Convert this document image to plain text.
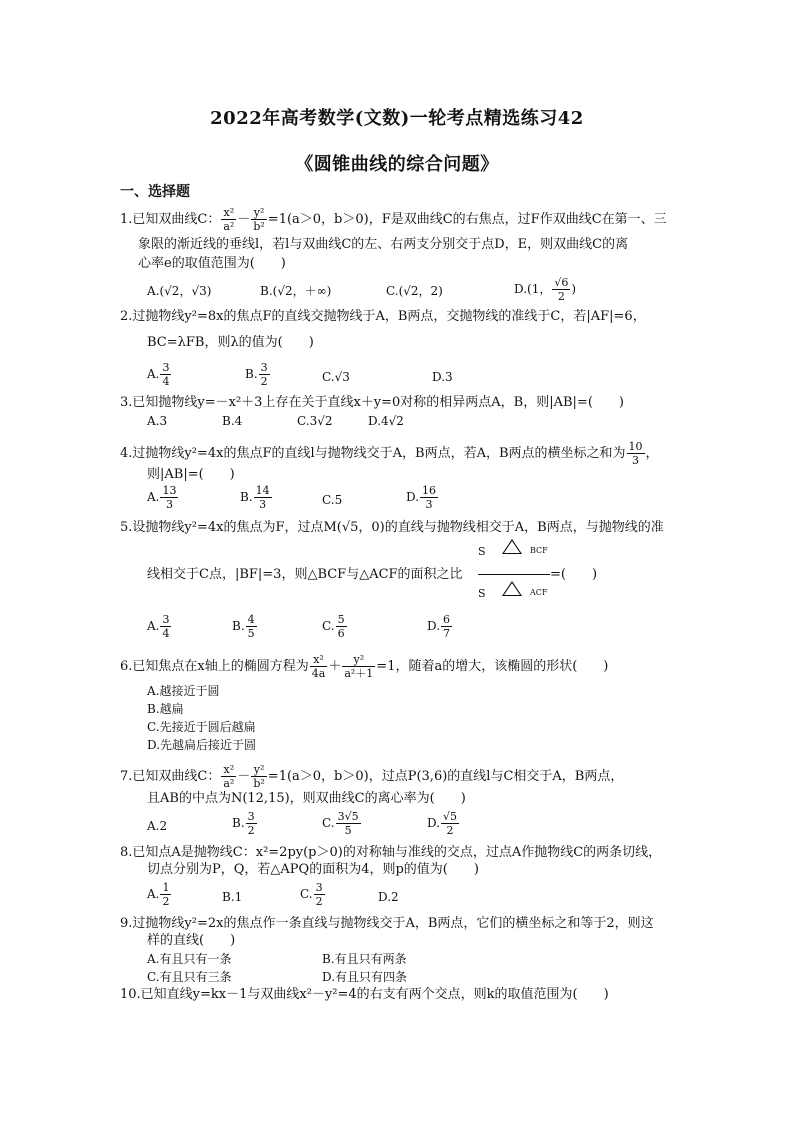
2022年高考数学(文数)一轮考点精选练习42
《圆锥曲线的综合问题》
一、选择题
1.已知双曲线C： $\frac{\text{x²}}{\text{a²}} - \frac{\text{y²}}{\text{b²}} =1(a>0$，b＞0)，F是双曲线C的右焦点，过F作双曲线C在第一、三
象限的渐近线的垂线l，若l与双曲线C的左、右两支分别交于点D，E，则双曲线C的离
心率e的取值范围为(　　)
A.(√2，√3)	B.(√2，＋∞)	C.(√2，2)	D.(1， $\frac{√6}{2}$ )
2.过抛物线y²=8x的焦点F的直线交抛物线于A，B两点，交抛物线的准线于C，若|AF|=6，
BC=λFB，则λ的值为(　　)
A. $\frac{3}{4}$	B. $\frac{3}{2}$	C.√3	D.3
3.已知抛物线y=－x²＋3上存在关于直线x＋y=0对称的相异两点A，B，则|AB|=(　　)
A.3	B.4	C.3√2	D.4√2
4.过抛物线y²=4x的焦点F的直线l与抛物线交于A，B两点，若A，B两点的横坐标之和为 $\frac{10}{3}$ ，
则|AB|=(　　)
A. $\frac{13}{3}$	B. $\frac{14}{3}$	C.5	D. $\frac{16}{3}$
5.设抛物线y²=4x的焦点为F，过点M(√5，0)的直线与抛物线相交于A，B两点，与抛物线的准
S	BCF
线相交于C点，|BF|=3，则△BCF与△ACF的面积之比	=(　　)
S	ACF
A. $\frac{3}{4}$	B. $\frac{4}{5}$	C. $\frac{5}{6}$	D. $\frac{6}{7}$
6.已知焦点在x轴上的椭圆方程为 $\frac{\text{x²}}{4a} + \frac{\text{y²}}{\text{a²＋1}} =1$，随着a的增大，该椭圆的形状(　　)
A.越接近于圆
B.越扁
C.先接近于圆后越扁
D.先越扁后接近于圆
7.已知双曲线C： $\frac{\text{x²}}{\text{a²}} - \frac{\text{y²}}{\text{b²}} =1(a>0$，b＞0)，过点P(3,6)的直线l与C相交于A，B两点，
且AB的中点为N(12,15)，则双曲线C的离心率为(　　)
A.2	B. $\frac{3}{2}$	C. $\frac{3√5}{5}$	D. $\frac{√5}{2}$
8.已知点A是抛物线C：x²=2py(p＞0)的对称轴与准线的交点，过点A作抛物线C的两条切线，
切点分别为P，Q，若△APQ的面积为4，则p的值为(　　)
A. $\frac{1}{2}$	B.1	C. $\frac{3}{2}$	D.2
9.过抛物线y²=2x的焦点作一条直线与抛物线交于A，B两点，它们的横坐标之和等于2，则这
样的直线(　　)
A.有且只有一条	B.有且只有两条
C.有且只有三条	D.有且只有四条
10.已知直线y=kx－1与双曲线x²－y²=4的右支有两个交点，则k的取值范围为(　　)
